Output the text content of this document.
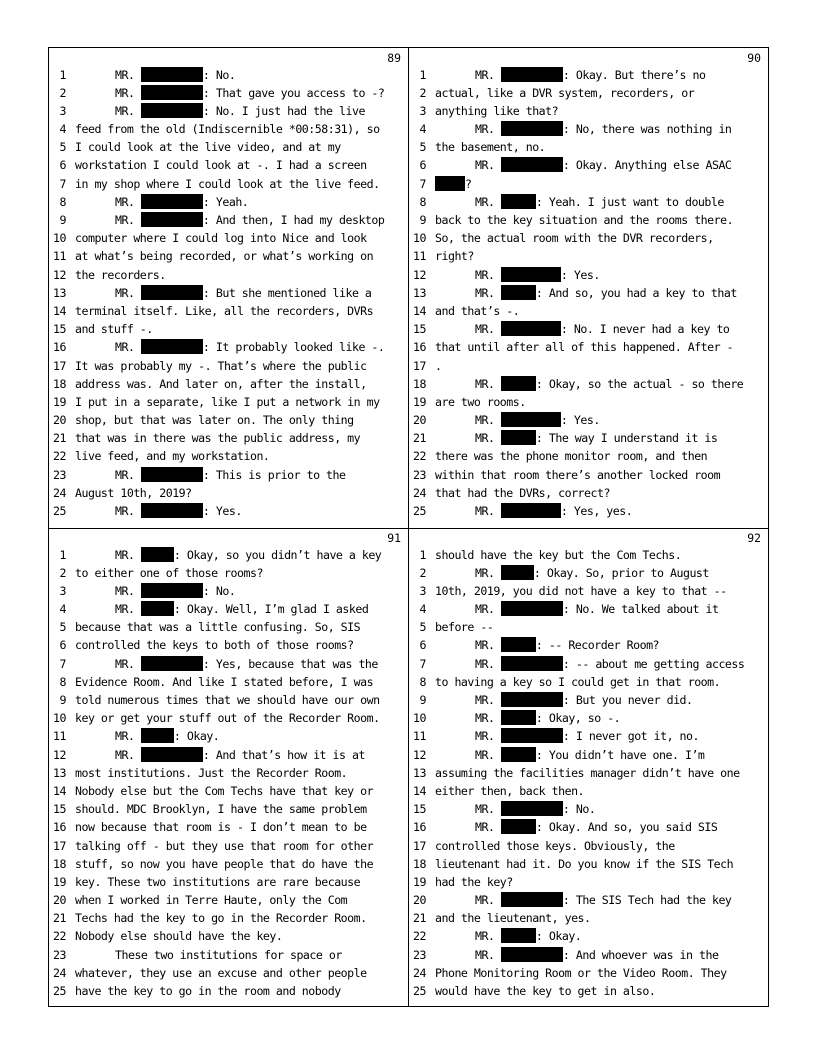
89
1	MR.	: No.
2	MR.	: That gave you access to -?
3	MR.	: No. I just had the live
4 feed from the old (Indiscernible *00:58:31), so
5 I could look at the live video, and at my
6 workstation I could look at -. I had a screen
7 in my shop where I could look at the live feed.
8	MR.	: Yeah.
9	MR.	: And then, I had my desktop
10 computer where I could log into Nice and look
11 at what’s being recorded, or what’s working on
12 the recorders.
13	MR.	: But she mentioned like a
14 terminal itself. Like, all the recorders, DVRs
15 and stuff -.
16	MR.	: It probably looked like -.
17 It was probably my -. That’s where the public
18 address was. And later on, after the install,
19 I put in a separate, like I put a network in my
20 shop, but that was later on. The only thing
21 that was in there was the public address, my
22 live feed, and my workstation.
23	MR.	: This is prior to the
24 August 10th, 2019?
25	MR.	: Yes.
90
1	MR.	: Okay. But there’s no
2 actual, like a DVR system, recorders, or
3 anything like that?
4	MR.	: No, there was nothing in
5 the basement, no.
6	MR.	: Okay. Anything else ASAC
7	?
8	MR.	: Yeah. I just want to double
9 back to the key situation and the rooms there.
10 So, the actual room with the DVR recorders,
11 right?
12	MR.	: Yes.
13	MR.	: And so, you had a key to that
14 and that’s -.
15	MR.	: No. I never had a key to
16 that until after all of this happened. After -
17 .
18	MR.	: Okay, so the actual - so there
19 are two rooms.
20	MR.	: Yes.
21	MR.	: The way I understand it is
22 there was the phone monitor room, and then
23 within that room there’s another locked room
24 that had the DVRs, correct?
25	MR.	: Yes, yes.
91
1	MR.	: Okay, so you didn’t have a key
2 to either one of those rooms?
3	MR.	: No.
4	MR.	: Okay. Well, I’m glad I asked
5 because that was a little confusing. So, SIS
6 controlled the keys to both of those rooms?
7	MR.	: Yes, because that was the
8 Evidence Room. And like I stated before, I was
9 told numerous times that we should have our own
10 key or get your stuff out of the Recorder Room.
11	MR.	: Okay.
12	MR.	: And that’s how it is at
13 most institutions. Just the Recorder Room.
14 Nobody else but the Com Techs have that key or
15 should. MDC Brooklyn, I have the same problem
16 now because that room is - I don’t mean to be
17 talking off - but they use that room for other
18 stuff, so now you have people that do have the
19 key. These two institutions are rare because
20 when I worked in Terre Haute, only the Com
21 Techs had the key to go in the Recorder Room.
22 Nobody else should have the key.
23	These two institutions for space or
24 whatever, they use an excuse and other people
25 have the key to go in the room and nobody
92
1 should have the key but the Com Techs.
2	MR.	: Okay. So, prior to August
3 10th, 2019, you did not have a key to that --
4	MR.	: No. We talked about it
5 before --
6	MR.	: -- Recorder Room?
7	MR.	: -- about me getting access
8 to having a key so I could get in that room.
9	MR.	: But you never did.
10	MR.	: Okay, so -.
11	MR.	: I never got it, no.
12	MR.	: You didn’t have one. I’m
13 assuming the facilities manager didn’t have one
14 either then, back then.
15	MR.	: No.
16	MR.	: Okay. And so, you said SIS
17 controlled those keys. Obviously, the
18 lieutenant had it. Do you know if the SIS Tech
19 had the key?
20	MR.	: The SIS Tech had the key
21 and the lieutenant, yes.
22	MR.	: Okay.
23	MR.	: And whoever was in the
24 Phone Monitoring Room or the Video Room. They
25 would have the key to get in also.
